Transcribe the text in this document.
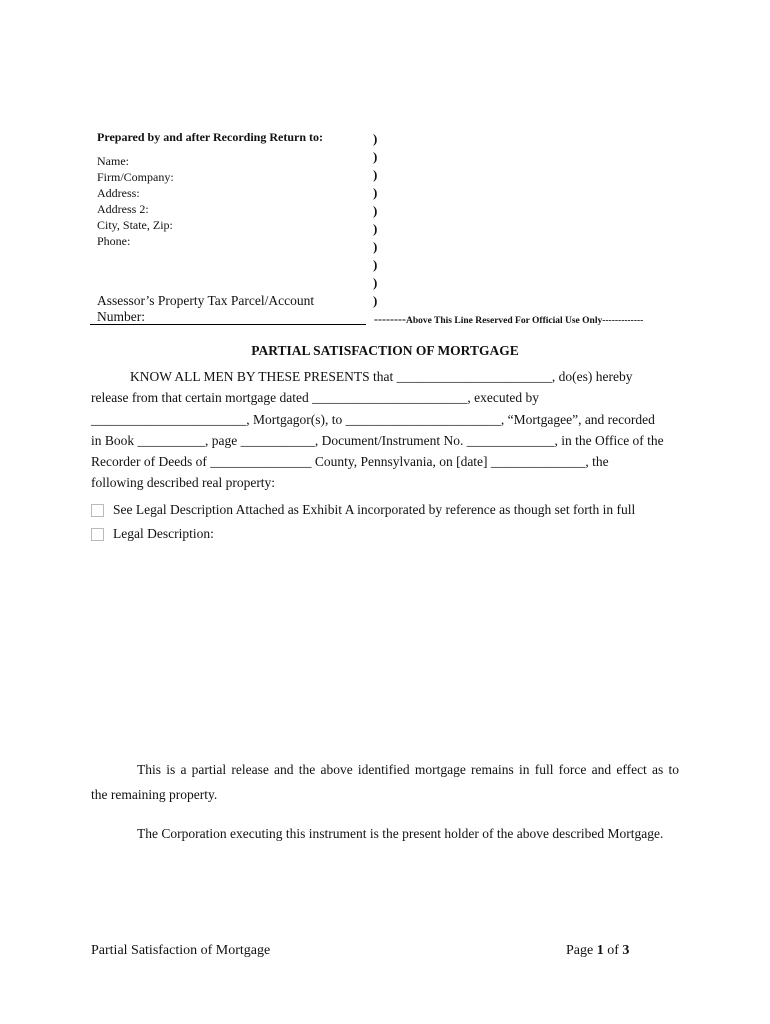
Prepared by and after Recording Return to:
Name:
Firm/Company:
Address:
Address 2:
City, State, Zip:
Phone:
)
)
)
)
)
)
)
)
)
)
Assessor’s Property Tax Parcel/Account
Number:	--------Above This Line Reserved For Official Use Only-------------
PARTIAL SATISFACTION OF MORTGAGE
KNOW ALL MEN BY THESE PRESENTS that _______________________, do(es) hereby
release from that certain mortgage dated _______________________, executed by
_______________________, Mortgagor(s), to _______________________, “Mortgagee”, and recorded
in Book __________, page ___________, Document/Instrument No. _____________, in the Office of the
Recorder of Deeds of _______________ County, Pennsylvania, on [date] ______________, the
following described real property:
See Legal Description Attached as Exhibit A incorporated by reference as though set forth in full
Legal Description:
This is a partial release and the above identified mortgage remains in full force and effect as to
the remaining property.
The Corporation executing this instrument is the present holder of the above described Mortgage.
Partial Satisfaction of Mortgage	Page 1 of 3
